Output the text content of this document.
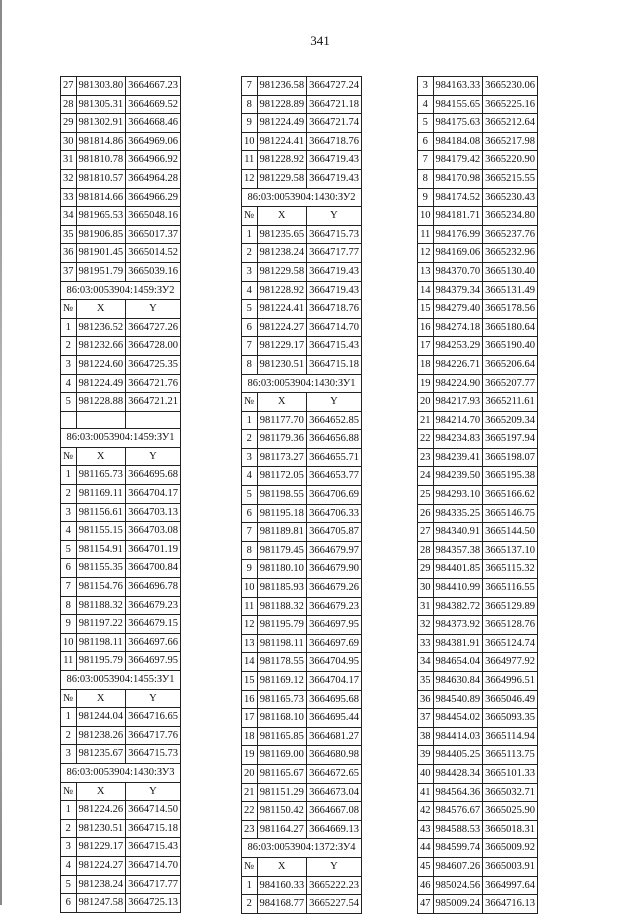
341
27	981303.80	3664667.23
28	981305.31	3664669.52
29	981302.91	3664668.46
30	981814.86	3664969.06
31	981810.78	3664966.92
32	981810.57	3664964.28
33	981814.66	3664966.29
34	981965.53	3665048.16
35	981906.85	3665017.37
36	981901.45	3665014.52
37	981951.79	3665039.16
86:03:0053904:1459:ЗУ2		
№	X	Y
1	981236.52	3664727.26
2	981232.66	3664728.00
3	981224.60	3664725.35
4	981224.49	3664721.76
5	981228.88	3664721.21

86:03:0053904:1459:ЗУ1		
№	X	Y
1	981165.73	3664695.68
2	981169.11	3664704.17
3	981156.61	3664703.13
4	981155.15	3664703.08
5	981154.91	3664701.19
6	981155.35	3664700.84
7	981154.76	3664696.78
8	981188.32	3664679.23
9	981197.22	3664679.15
10	981198.11	3664697.66
11	981195.79	3664697.95
86:03:0053904:1455:ЗУ1		
№	X	Y
1	981244.04	3664716.65
2	981238.26	3664717.76
3	981235.67	3664715.73
86:03:0053904:1430:ЗУ3		
№	X	Y
1	981224.26	3664714.50
2	981230.51	3664715.18
3	981229.17	3664715.43
4	981224.27	3664714.70
5	981238.24	3664717.77
6	981247.58	3664725.13
7	981236.58	3664727.24
8	981228.89	3664721.18
9	981224.49	3664721.74
10	981224.41	3664718.76
11	981228.92	3664719.43
12	981229.58	3664719.43
86:03:0053904:1430:ЗУ2		
№	X	Y
1	981235.65	3664715.73
2	981238.24	3664717.77
3	981229.58	3664719.43
4	981228.92	3664719.43
5	981224.41	3664718.76
6	981224.27	3664714.70
7	981229.17	3664715.43
8	981230.51	3664715.18
86:03:0053904:1430:ЗУ1		
№	X	Y
1	981177.70	3664652.85
2	981179.36	3664656.88
3	981173.27	3664655.71
4	981172.05	3664653.77
5	981198.55	3664706.69
6	981195.18	3664706.33
7	981189.81	3664705.87
8	981179.45	3664679.97
9	981180.10	3664679.90
10	981185.93	3664679.26
11	981188.32	3664679.23
12	981195.79	3664697.95
13	981198.11	3664697.69
14	981178.55	3664704.95
15	981169.12	3664704.17
16	981165.73	3664695.68
17	981168.10	3664695.44
18	981165.85	3664681.27
19	981169.00	3664680.98
20	981165.67	3664672.65
21	981151.29	3664673.04
22	981150.42	3664667.08
23	981164.27	3664669.13
86:03:0053904:1372:ЗУ4		
№	X	Y
1	984160.33	3665222.23
2	984168.77	3665227.54
3	984163.33	3665230.06
4	984155.65	3665225.16
5	984175.63	3665212.64
6	984184.08	3665217.98
7	984179.42	3665220.90
8	984170.98	3665215.55
9	984174.52	3665230.43
10	984181.71	3665234.80
11	984176.99	3665237.76
12	984169.06	3665232.96
13	984370.70	3665130.40
14	984379.34	3665131.49
15	984279.40	3665178.56
16	984274.18	3665180.64
17	984253.29	3665190.40
18	984226.71	3665206.64
19	984224.90	3665207.77
20	984217.93	3665211.61
21	984214.70	3665209.34
22	984234.83	3665197.94
23	984239.41	3665198.07
24	984239.50	3665195.38
25	984293.10	3665166.62
26	984335.25	3665146.75
27	984340.91	3665144.50
28	984357.38	3665137.10
29	984401.85	3665115.32
30	984410.99	3665116.55
31	984382.72	3665129.89
32	984373.92	3665128.76
33	984381.91	3665124.74
34	984654.04	3664977.92
35	984630.84	3664996.51
36	984540.89	3665046.49
37	984454.02	3665093.35
38	984414.03	3665114.94
39	984405.25	3665113.75
40	984428.34	3665101.33
41	984564.36	3665032.71
42	984576.67	3665025.90
43	984588.53	3665018.31
44	984599.74	3665009.92
45	984607.26	3665003.91
46	985024.56	3664997.64
47	985009.24	3664716.13
